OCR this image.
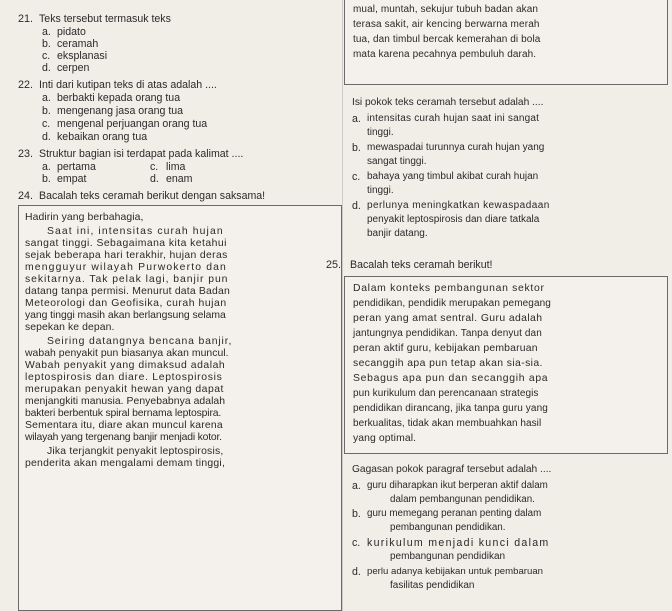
21. Teks tersebut termasuk teks
a. pidato
b. ceramah
c. eksplanasi
d. cerpen
22. Inti dari kutipan teks di atas adalah ....
a. berbakti kepada orang tua
b. mengenang jasa orang tua
c. mengenal perjuangan orang tua
d. kebaikan orang tua
23. Struktur bagian isi terdapat pada kalimat ....
a. pertama
b. empat
c. lima
d. enam
24. Bacalah teks ceramah berikut dengan saksama!
Hadirin yang berbahagia,
Saat ini, intensitas curah hujan
sangat tinggi. Sebagaimana kita ketahui
sejak beberapa hari terakhir, hujan deras
mengguyur wilayah Purwokerto dan
sekitarnya. Tak pelak lagi, banjir pun
datang tanpa permisi. Menurut data Badan
Meteorologi dan Geofisika, curah hujan
yang tinggi masih akan berlangsung selama
sepekan ke depan.
Seiring datangnya bencana banjir,
wabah penyakit pun biasanya akan muncul.
Wabah penyakit yang dimaksud adalah
leptospirosis dan diare. Leptospirosis
merupakan penyakit hewan yang dapat
menjangkiti manusia. Penyebabnya adalah
bakteri berbentuk spiral bernama leptospira.
Sementara itu, diare akan muncul karena
wilayah yang tergenang banjir menjadi kotor.
Jika terjangkit penyakit leptospirosis,
penderita akan mengalami demam tinggi,
mual, muntah, sekujur tubuh badan akan
terasa sakit, air kencing berwarna merah
tua, dan timbul bercak kemerahan di bola
mata karena pecahnya pembuluh darah.
Isi pokok teks ceramah tersebut adalah ....
a. intensitas curah hujan saat ini sangat
tinggi.
b. mewaspadai turunnya curah hujan yang
sangat tinggi.
c. bahaya yang timbul akibat curah hujan
tinggi.
d. perlunya meningkatkan kewaspadaan
penyakit leptospirosis dan diare tatkala
banjir datang.
25. Bacalah teks ceramah berikut!
Dalam konteks pembangunan sektor
pendidikan, pendidik merupakan pemegang
peran yang amat sentral. Guru adalah
jantungnya pendidikan. Tanpa denyut dan
peran aktif guru, kebijakan pembaruan
secanggih apa pun tetap akan sia-sia.
Sebagus apa pun dan secanggih apa
pun kurikulum dan perencanaan strategis
pendidikan dirancang, jika tanpa guru yang
berkualitas, tidak akan membuahkan hasil
yang optimal.
Gagasan pokok paragraf tersebut adalah ....
a. guru diharapkan ikut berperan aktif dalam
dalam pembangunan pendidikan.
b. guru memegang peranan penting dalam
pembangunan pendidikan.
c. kurikulum menjadi kunci dalam
pembangunan pendidikan
d. perlu adanya kebijakan untuk pembaruan
fasilitas pendidikan
